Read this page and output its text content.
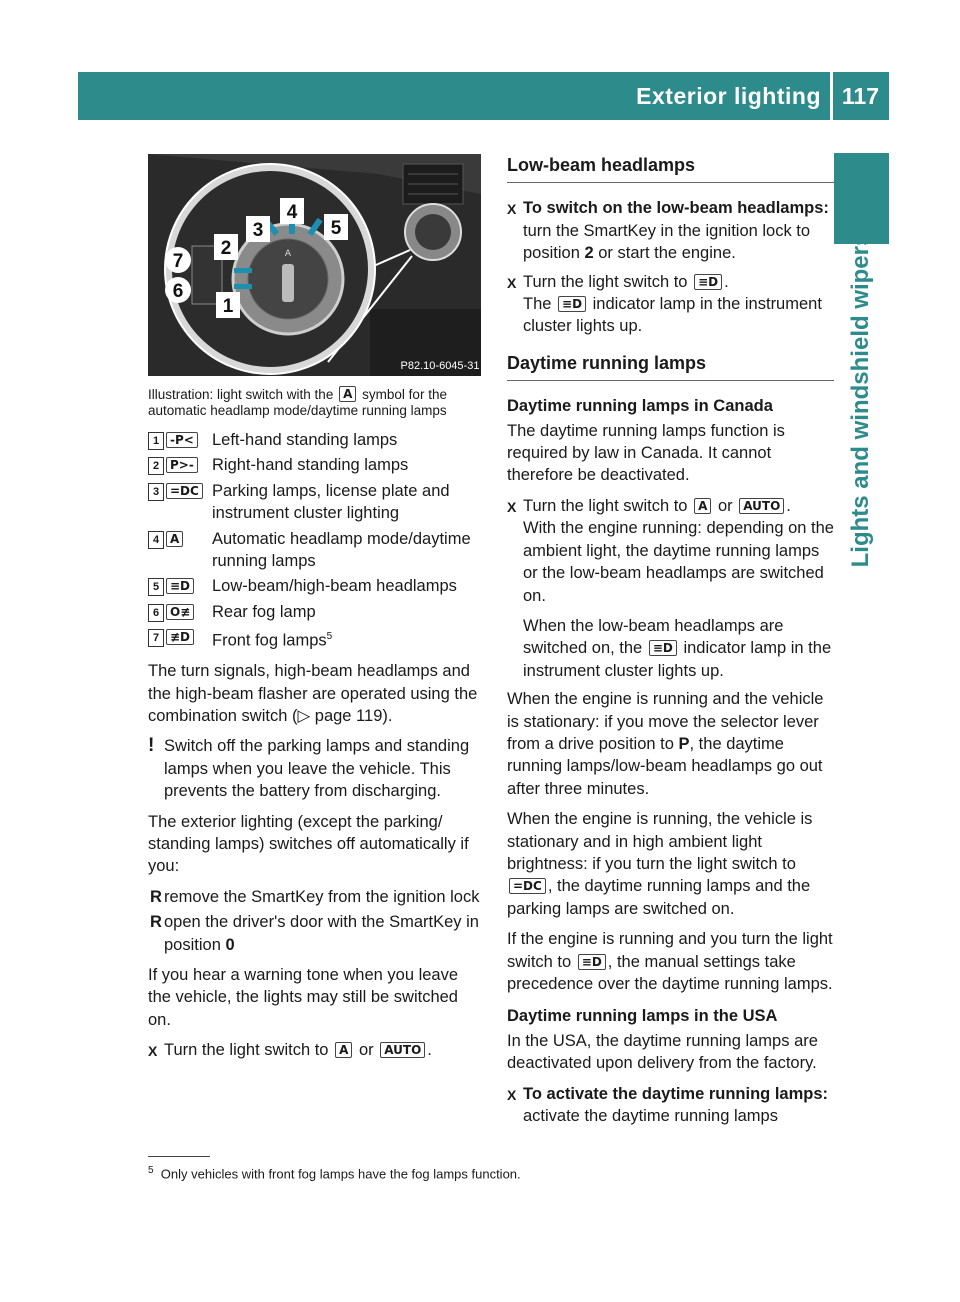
Exterior lighting 117
Lights and windshield wipers
A
4
3
2
5
1
7
6
P82.10-6045-31
Illustration: light switch with the A symbol for the automatic headlamp mode/daytime running lamps
1 -P<	Left-hand standing lamps
2 P>-	Right-hand standing lamps
3 =DC Parking lamps, license plate and instrument cluster lighting
4 A	Automatic headlamp mode/daytime running lamps
5 ≡D	Low-beam/high-beam headlamps
6 O≢	Rear fog lamp
7 ≢D	Front fog lamps$^5$

The turn signals, high-beam headlamps and the high-beam flasher are operated using the combination switch (▷ page 119).

! Switch off the parking lamps and standing lamps when you leave the vehicle. This prevents the battery from discharging.

The exterior lighting (except the parking/ standing lamps) switches off automatically if you:

R remove the SmartKey from the ignition lock
R open the driver's door with the SmartKey in position 0

If you hear a warning tone when you leave the vehicle, the lights may still be switched on.

X Turn the light switch to A or AUTO .
Low-beam headlamps
X To switch on the low-beam headlamps: turn the SmartKey in the ignition lock to position 2 or start the engine.
X Turn the light switch to ≡D .
The ≡D indicator lamp in the instrument cluster lights up.
Daytime running lamps
Daytime running lamps in Canada

The daytime running lamps function is required by law in Canada. It cannot therefore be deactivated.

X Turn the light switch to A or AUTO .

With the engine running: depending on the ambient light, the daytime running lamps or the low-beam headlamps are switched on.

When the low-beam headlamps are switched on, the ≡D indicator lamp in the instrument cluster lights up.

When the engine is running and the vehicle is stationary: if you move the selector lever from a drive position to P, the daytime running lamps/low-beam headlamps go out after three minutes.

When the engine is running, the vehicle is stationary and in high ambient light brightness: if you turn the light switch to =DC , the daytime running lamps and the parking lamps are switched on.

If the engine is running and you turn the light switch to ≡D , the manual settings take precedence over the daytime running lamps.

Daytime running lamps in the USA

In the USA, the daytime running lamps are deactivated upon delivery from the factory.

X To activate the daytime running lamps: activate the daytime running lamps
$^5$ Only vehicles with front fog lamps have the fog lamps function.
